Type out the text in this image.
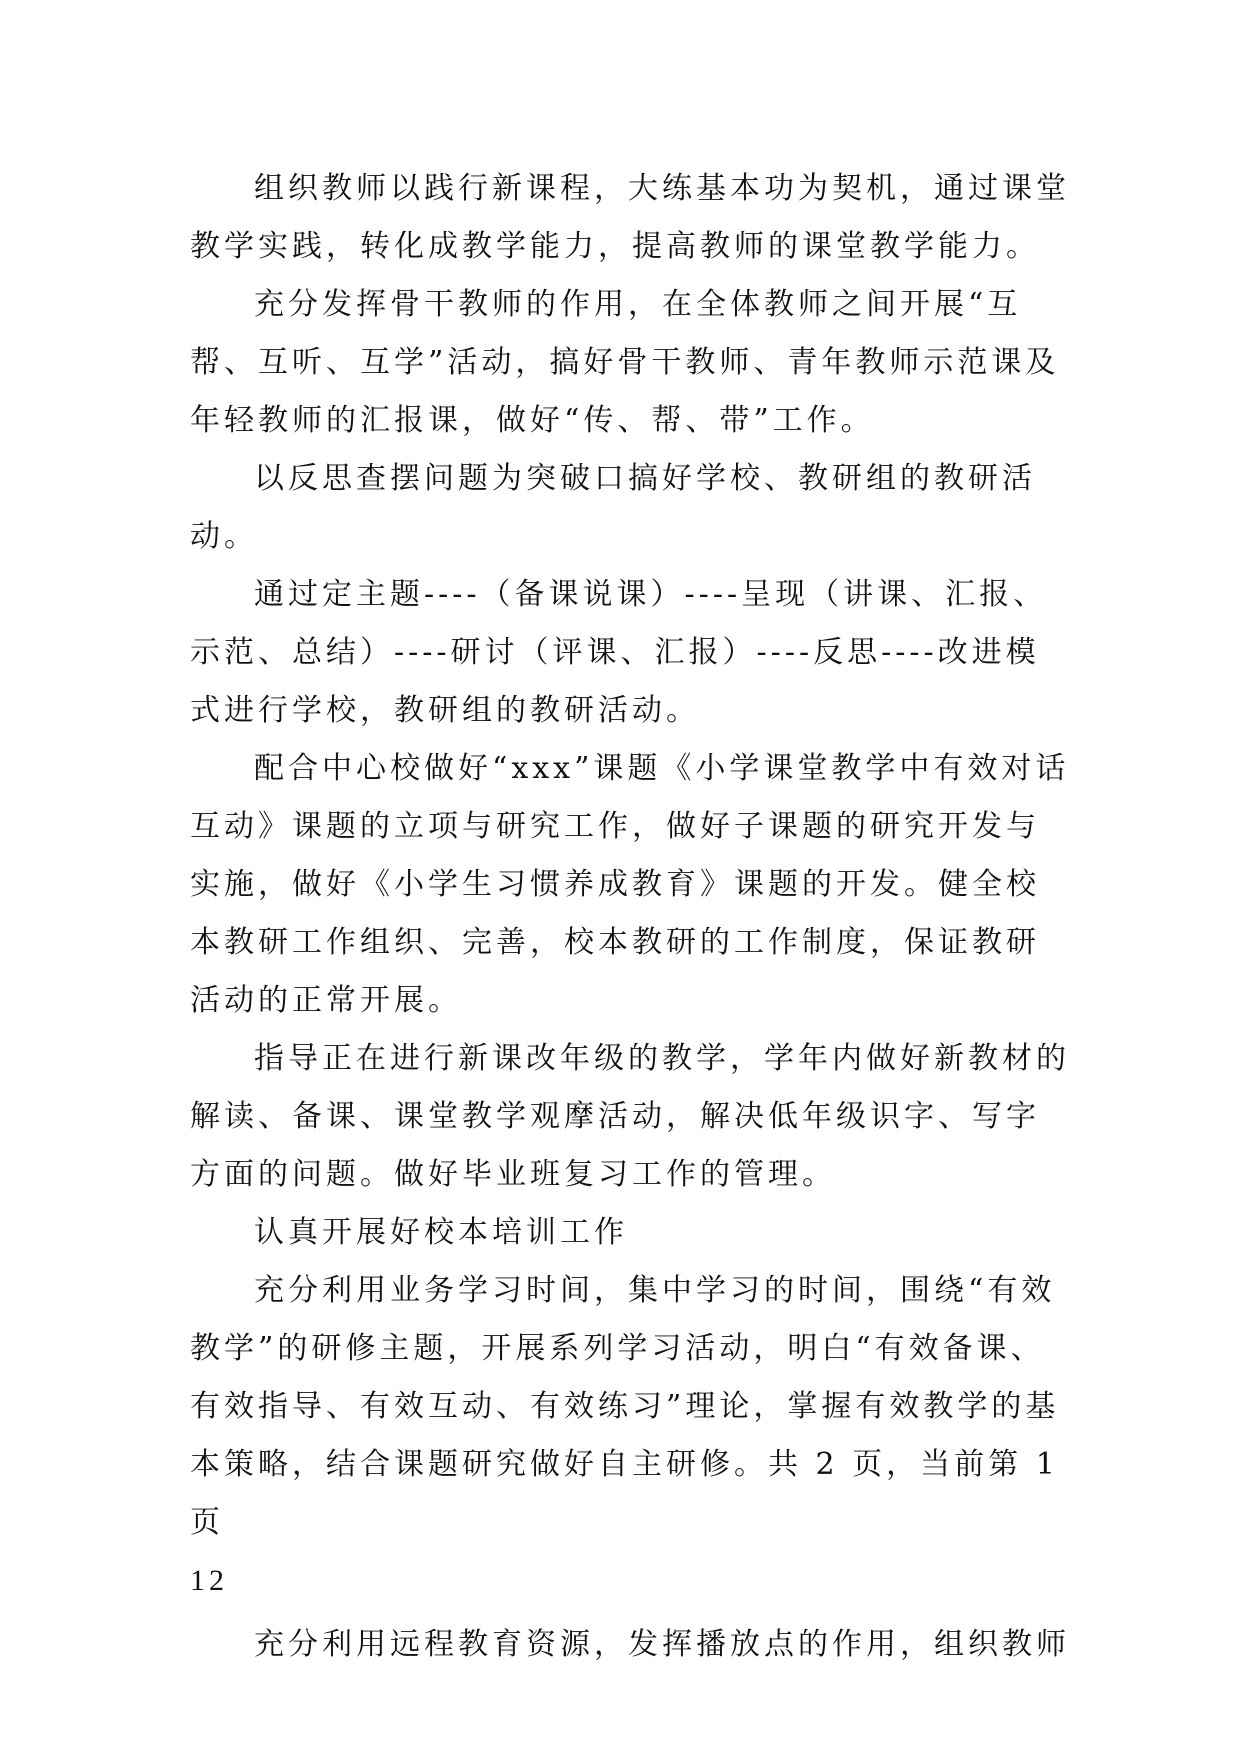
组织教师以践行新课程，大练基本功为契机，通过课堂教学实践，转化成教学能力，提高教师的课堂教学能力。

充分发挥骨干教师的作用，在全体教师之间开展“互帮、互听、互学”活动，搞好骨干教师、青年教师示范课及年轻教师的汇报课，做好“传、帮、带”工作。

以反思查摆问题为突破口搞好学校、教研组的教研活动。

通过定主题----（备课说课）----呈现（讲课、汇报、示范、总结）----研讨（评课、汇报）----反思----改进模式进行学校，教研组的教研活动。

配合中心校做好“xxx”课题《小学课堂教学中有效对话互动》课题的立项与研究工作，做好子课题的研究开发与实施，做好《小学生习惯养成教育》课题的开发。健全校本教研工作组织、完善，校本教研的工作制度，保证教研活动的正常开展。

指导正在进行新课改年级的教学，学年内做好新教材的解读、备课、课堂教学观摩活动，解决低年级识字、写字方面的问题。做好毕业班复习工作的管理。

认真开展好校本培训工作

充分利用业务学习时间，集中学习的时间，围绕“有效教学”的研修主题，开展系列学习活动，明白“有效备课、有效指导、有效互动、有效练习”理论，掌握有效教学的基本策略，结合课题研究做好自主研修。共 2 页，当前第 1 页

12

充分利用远程教育资源，发挥播放点的作用，组织教师
